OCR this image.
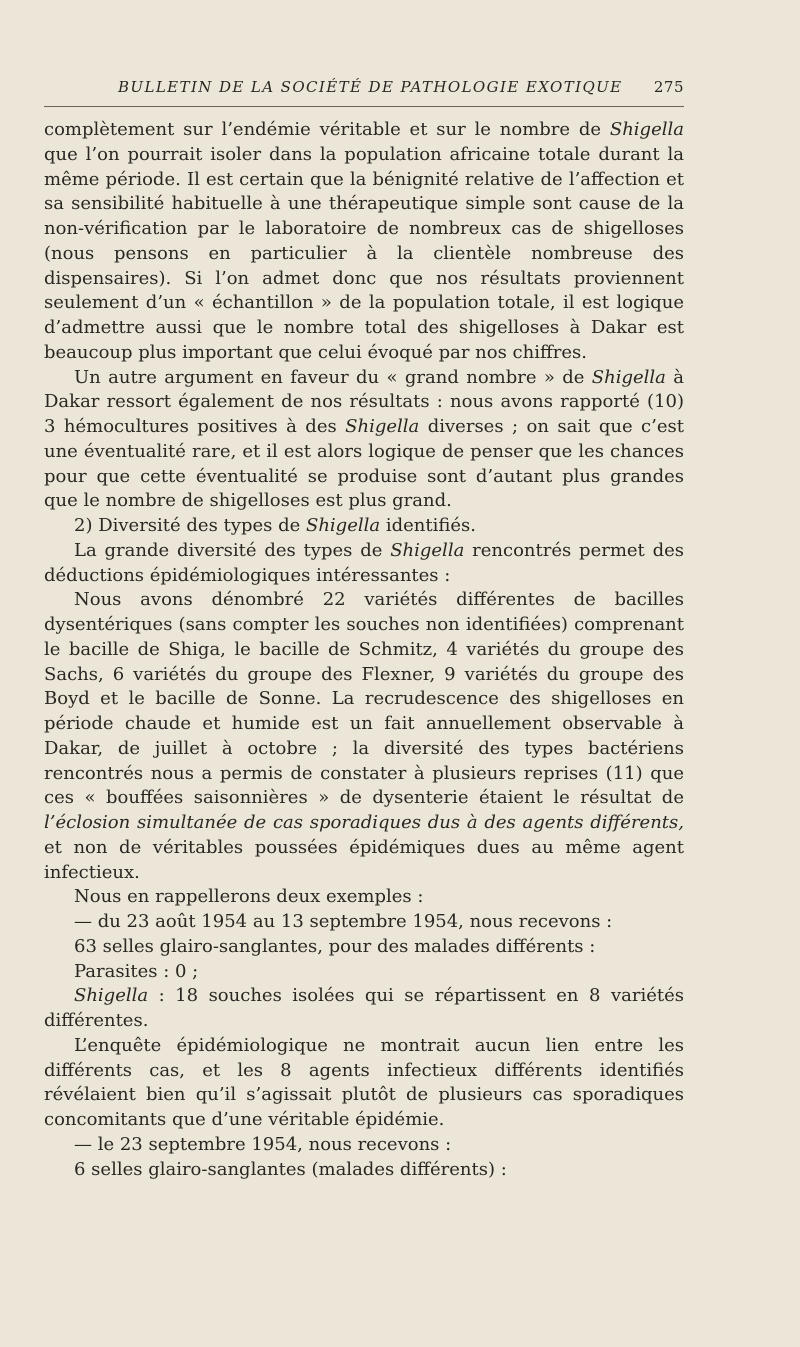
BULLETIN DE LA SOCIÉTÉ DE PATHOLOGIE EXOTIQUE 275

complètement sur l’endémie véritable et sur le nombre de Shigella que l’on pourrait isoler dans la population africaine totale durant la même période. Il est certain que la bénignité relative de l’affection et sa sensibilité habituelle à une thérapeutique simple sont cause de la non-vérification par le laboratoire de nombreux cas de shigelloses (nous pensons en particulier à la clientèle nombreuse des dispensaires). Si l’on admet donc que nos résultats proviennent seulement d’un « échantillon » de la population totale, il est logique d’admettre aussi que le nombre total des shigelloses à Dakar est beaucoup plus important que celui évoqué par nos chiffres.

Un autre argument en faveur du « grand nombre » de Shigella à Dakar ressort également de nos résultats : nous avons rapporté (10) 3 hémocultures positives à des Shigella diverses ; on sait que c’est une éventualité rare, et il est alors logique de penser que les chances pour que cette éventualité se produise sont d’autant plus grandes que le nombre de shigelloses est plus grand.

2) Diversité des types de Shigella identifiés.

La grande diversité des types de Shigella rencontrés permet des déductions épidémiologiques intéressantes :

Nous avons dénombré 22 variétés différentes de bacilles dysentériques (sans compter les souches non identifiées) comprenant le bacille de Shiga, le bacille de Schmitz, 4 variétés du groupe des Sachs, 6 variétés du groupe des Flexner, 9 variétés du groupe des Boyd et le bacille de Sonne. La recrudescence des shigelloses en période chaude et humide est un fait annuellement observable à Dakar, de juillet à octobre ; la diversité des types bactériens rencontrés nous a permis de constater à plusieurs reprises (11) que ces « bouffées saisonnières » de dysenterie étaient le résultat de l’éclosion simultanée de cas sporadiques dus à des agents différents, et non de véritables poussées épidémiques dues au même agent infectieux.

Nous en rappellerons deux exemples :

— du 23 août 1954 au 13 septembre 1954, nous recevons :

63 selles glairo-sanglantes, pour des malades différents :

Parasites : 0 ;

Shigella : 18 souches isolées qui se répartissent en 8 variétés différentes.

L’enquête épidémiologique ne montrait aucun lien entre les différents cas, et les 8 agents infectieux différents identifiés révélaient bien qu’il s’agissait plutôt de plusieurs cas sporadiques concomitants que d’une véritable épidémie.

— le 23 septembre 1954, nous recevons :

6 selles glairo-sanglantes (malades différents) :
